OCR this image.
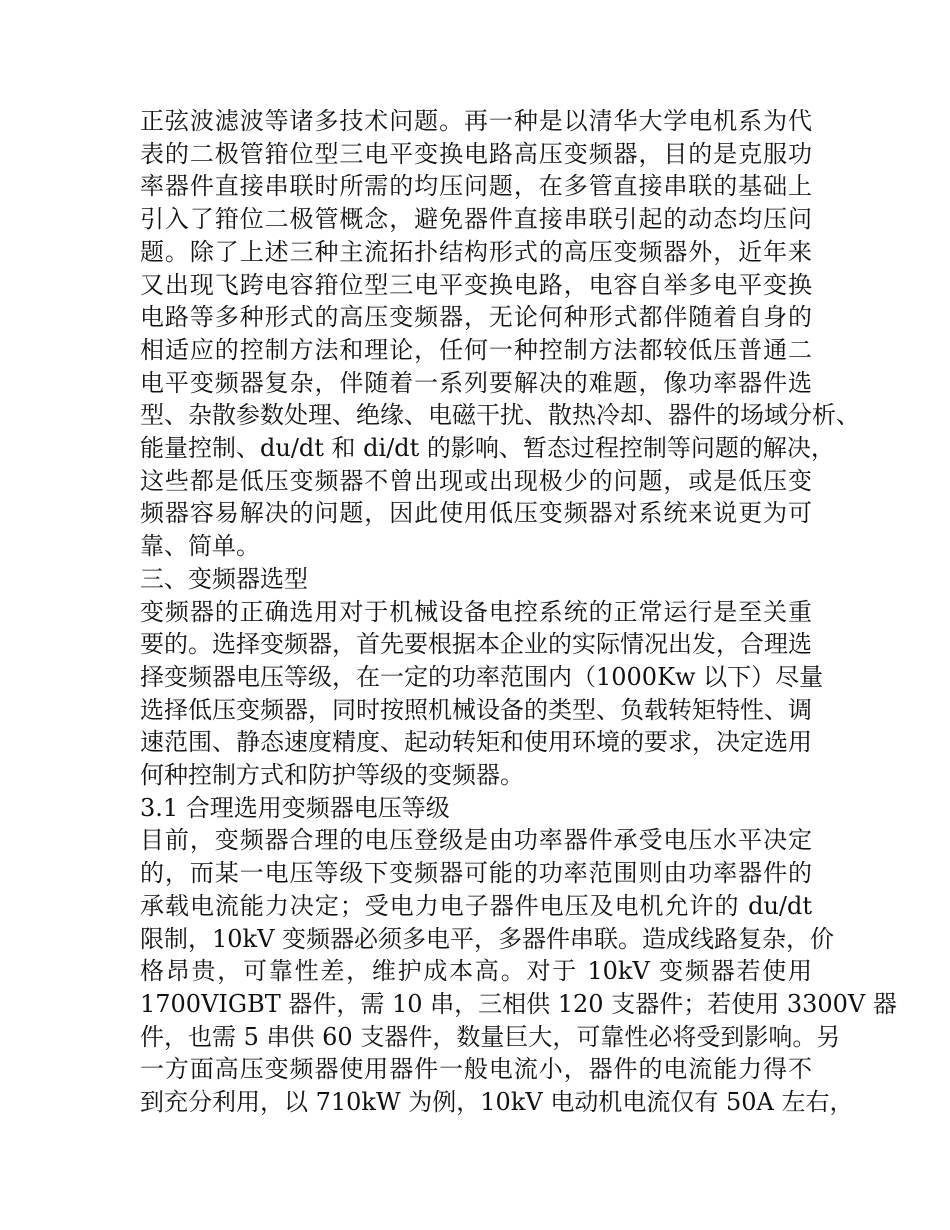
正弦波滤波等诸多技术问题。再一种是以清华大学电机系为代
表的二极管箝位型三电平变换电路高压变频器，目的是克服功
率器件直接串联时所需的均压问题，在多管直接串联的基础上
引入了箝位二极管概念，避免器件直接串联引起的动态均压问
题。除了上述三种主流拓扑结构形式的高压变频器外，近年来
又出现飞跨电容箝位型三电平变换电路，电容自举多电平变换
电路等多种形式的高压变频器，无论何种形式都伴随着自身的
相适应的控制方法和理论，任何一种控制方法都较低压普通二
电平变频器复杂，伴随着一系列要解决的难题，像功率器件选
型、杂散参数处理、绝缘、电磁干扰、散热冷却、器件的场域分析、
能量控制、du/dt 和 di/dt 的影响、暂态过程控制等问题的解决，
这些都是低压变频器不曾出现或出现极少的问题，或是低压变
频器容易解决的问题，因此使用低压变频器对系统来说更为可
靠、简单。
三、变频器选型
变频器的正确选用对于机械设备电控系统的正常运行是至关重
要的。选择变频器，首先要根据本企业的实际情况出发，合理选
择变频器电压等级，在一定的功率范围内（1000Kw 以下）尽量
选择低压变频器，同时按照机械设备的类型、负载转矩特性、调
速范围、静态速度精度、起动转矩和使用环境的要求，决定选用
何种控制方式和防护等级的变频器。
3.1 合理选用变频器电压等级
目前，变频器合理的电压登级是由功率器件承受电压水平决定
的，而某一电压等级下变频器可能的功率范围则由功率器件的
承载电流能力决定；受电力电子器件电压及电机允许的 du/dt
限制，10kV 变频器必须多电平，多器件串联。造成线路复杂，价
格昂贵，可靠性差，维护成本高。对于 10kV 变频器若使用
1700VIGBT 器件，需 10 串，三相供 120 支器件；若使用 3300V 器
件，也需 5 串供 60 支器件，数量巨大，可靠性必将受到影响。另
一方面高压变频器使用器件一般电流小，器件的电流能力得不
到充分利用，以 710kW 为例，10kV 电动机电流仅有 50A 左右，
